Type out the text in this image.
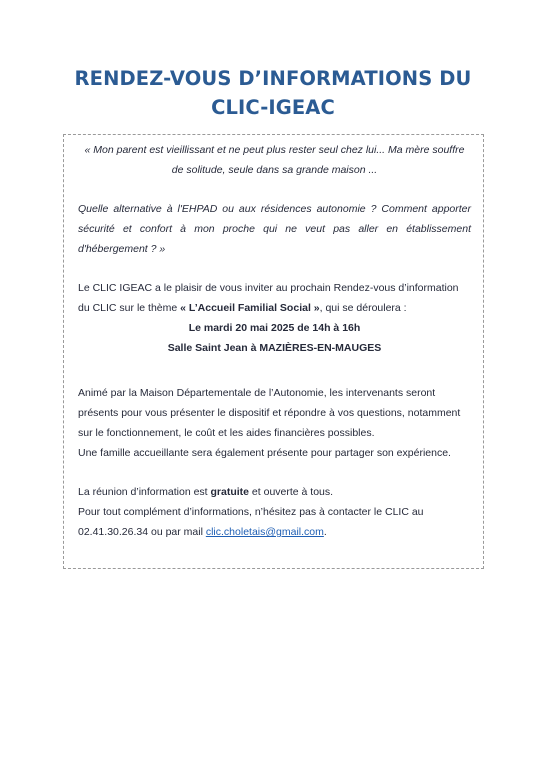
RENDEZ-VOUS D’INFORMATIONS DU
CLIC-IGEAC

« Mon parent est vieillissant et ne peut plus rester seul chez lui... Ma mère souffre
de solitude, seule dans sa grande maison ...

Quelle alternative à l'EHPAD ou aux résidences autonomie ? Comment apporter sécurité et confort à mon proche qui ne veut pas aller en établissement d'hébergement ? »

Le CLIC IGEAC a le plaisir de vous inviter au prochain Rendez-vous d’information
du CLIC sur le thème « L’Accueil Familial Social », qui se déroulera :

Le mardi 20 mai 2025 de 14h à 16h

Salle Saint Jean à MAZIÈRES-EN-MAUGES

Animé par la Maison Départementale de l’Autonomie, les intervenants seront
présents pour vous présenter le dispositif et répondre à vos questions, notamment
sur le fonctionnement, le coût et les aides financières possibles.
Une famille accueillante sera également présente pour partager son expérience.

La réunion d’information est gratuite et ouverte à tous.
Pour tout complément d’informations, n’hésitez pas à contacter le CLIC au
02.41.30.26.34 ou par mail clic.choletais@gmail.com.
